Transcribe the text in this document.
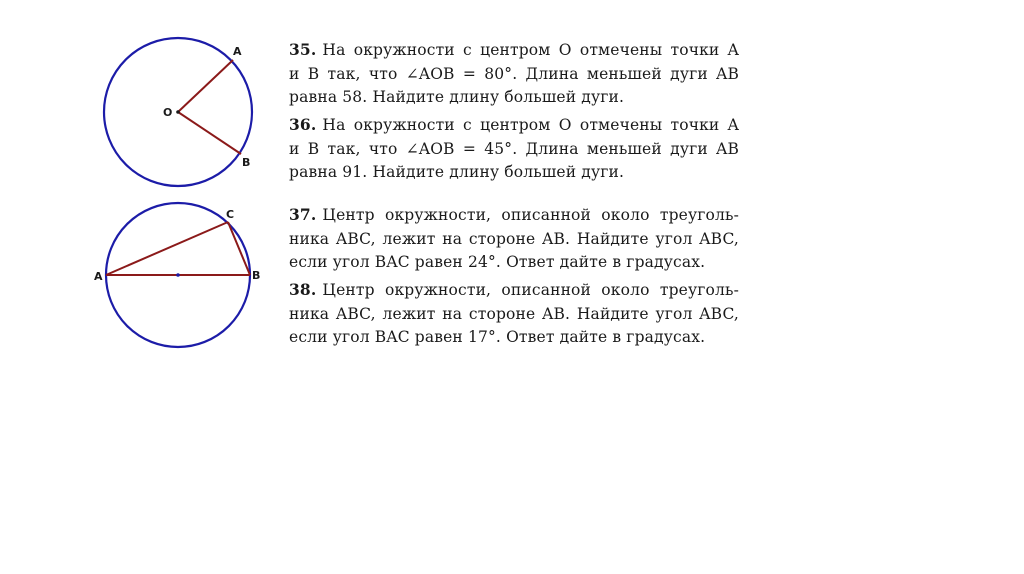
O
A
B
A	B
C
35. На окружности с центром О отмечены точки A
и B так, что ∠AOB = 80°. Длина меньшей дуги AB
равна 58. Найдите длину большей дуги.
36. На окружности с центром О отмечены точки A
и B так, что ∠AOB = 45°. Длина меньшей дуги AB
равна 91. Найдите длину большей дуги.
37. Центр окружности, описанной около треуголь-
ника ABC, лежит на стороне AB. Найдите угол ABC,
если угол BAC равен 24°. Ответ дайте в градусах.
38. Центр окружности, описанной около треуголь-
ника ABC, лежит на стороне AB. Найдите угол ABC,
если угол BAC равен 17°. Ответ дайте в градусах.
